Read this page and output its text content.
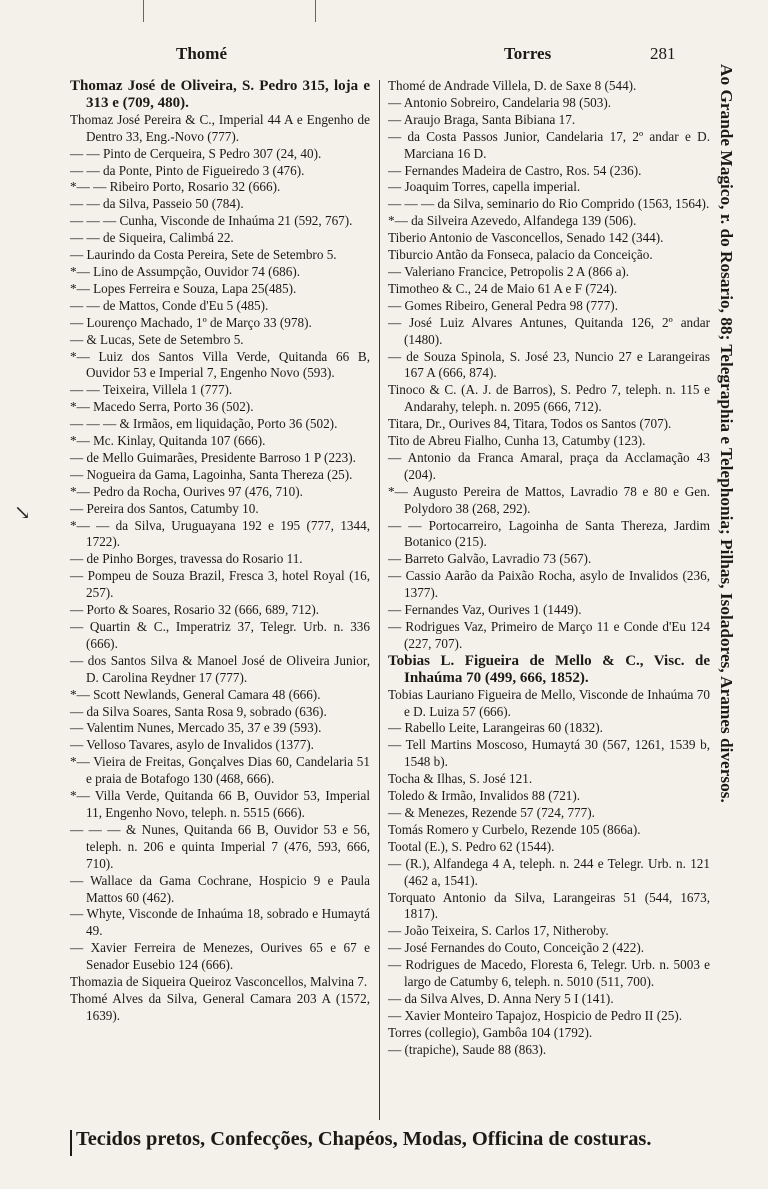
Thomé	Torres	281

Thomaz José de Oliveira, S. Pedro 315, loja e 313 e (709, 480).

Thomaz José Pereira & C., Imperial 44 A e Engenho de Dentro 33, Eng.-Novo (777).

— — Pinto de Cerqueira, S Pedro 307 (24, 40).

— — da Ponte, Pinto de Figueiredo 3 (476).

*— — Ribeiro Porto, Rosario 32 (666).

— — da Silva, Passeio 50 (784).

— — — Cunha, Visconde de Inhaúma 21 (592, 767).

— — de Siqueira, Calimbá 22.

— Laurindo da Costa Pereira, Sete de Setembro 5.

*— Lino de Assumpção, Ouvidor 74 (686).

*— Lopes Ferreira e Souza, Lapa 25(485).

— — de Mattos, Conde d'Eu 5 (485).

— Lourenço Machado, 1º de Março 33 (978).

— & Lucas, Sete de Setembro 5.

*— Luiz dos Santos Villa Verde, Quitanda 66 B, Ouvidor 53 e Imperial 7, Engenho Novo (593).

— — Teixeira, Villela 1 (777).

*— Macedo Serra, Porto 36 (502).

— — — & Irmãos, em liquidação, Porto 36 (502).

*— Mc. Kinlay, Quitanda 107 (666).

— de Mello Guimarães, Presidente Barroso 1 P (223).

— Nogueira da Gama, Lagoinha, Santa Thereza (25).

*— Pedro da Rocha, Ourives 97 (476, 710).

— Pereira dos Santos, Catumby 10.

*— — da Silva, Uruguayana 192 e 195 (777, 1344, 1722).

— de Pinho Borges, travessa do Rosario 11.

— Pompeu de Souza Brazil, Fresca 3, hotel Royal (16, 257).

— Porto & Soares, Rosario 32 (666, 689, 712).

— Quartin & C., Imperatriz 37, Telegr. Urb. n. 336 (666).

— dos Santos Silva & Manoel José de Oliveira Junior, D. Carolina Reydner 17 (777).

*— Scott Newlands, General Camara 48 (666).

— da Silva Soares, Santa Rosa 9, sobrado (636).

— Valentim Nunes, Mercado 35, 37 e 39 (593).

— Velloso Tavares, asylo de Invalidos (1377).

*— Vieira de Freitas, Gonçalves Dias 60, Candelaria 51 e praia de Botafogo 130 (468, 666).

*— Villa Verde, Quitanda 66 B, Ouvidor 53, Imperial 11, Engenho Novo, teleph. n. 5515 (666).

— — — & Nunes, Quitanda 66 B, Ouvidor 53 e 56, teleph. n. 206 e quinta Imperial 7 (476, 593, 666, 710).

— Wallace da Gama Cochrane, Hospicio 9 e Paula Mattos 60 (462).

— Whyte, Visconde de Inhaúma 18, sobrado e Humaytá 49.

— Xavier Ferreira de Menezes, Ourives 65 e 67 e Senador Eusebio 124 (666).

Thomazia de Siqueira Queiroz Vasconcellos, Malvina 7.

Thomé Alves da Silva, General Camara 203 A (1572, 1639).

Thomé de Andrade Villela, D. de Saxe 8 (544).

— Antonio Sobreiro, Candelaria 98 (503).

— Araujo Braga, Santa Bibiana 17.

— da Costa Passos Junior, Candelaria 17, 2º andar e D. Marciana 16 D.

— Fernandes Madeira de Castro, Ros. 54 (236).

— Joaquim Torres, capella imperial.

— — — da Silva, seminario do Rio Comprido (1563, 1564).

*— da Silveira Azevedo, Alfandega 139 (506).

Tiberio Antonio de Vasconcellos, Senado 142 (344).

Tiburcio Antão da Fonseca, palacio da Conceição.

— Valeriano Francice, Petropolis 2 A (866 a).

Timotheo & C., 24 de Maio 61 A e F (724).

— Gomes Ribeiro, General Pedra 98 (777).

— José Luiz Alvares Antunes, Quitanda 126, 2º andar (1480).

— de Souza Spinola, S. José 23, Nuncio 27 e Larangeiras 167 A (666, 874).

Tinoco & C. (A. J. de Barros), S. Pedro 7, teleph. n. 115 e Andarahy, teleph. n. 2095 (666, 712).

Titara, Dr., Ourives 84, Titara, Todos os Santos (707).

Tito de Abreu Fialho, Cunha 13, Catumby (123).

— Antonio da Franca Amaral, praça da Acclamação 43 (204).

*— Augusto Pereira de Mattos, Lavradio 78 e 80 e Gen. Polydoro 38 (268, 292).

— — Portocarreiro, Lagoinha de Santa Thereza, Jardim Botanico (215).

— Barreto Galvão, Lavradio 73 (567).

— Cassio Aarão da Paixão Rocha, asylo de Invalidos (236, 1377).

— Fernandes Vaz, Ourives 1 (1449).

— Rodrigues Vaz, Primeiro de Março 11 e Conde d'Eu 124 (227, 707).

Tobias L. Figueira de Mello & C., Visc. de Inhaúma 70 (499, 666, 1852).

Tobias Lauriano Figueira de Mello, Visconde de Inhaúma 70 e D. Luiza 57 (666).

— Rabello Leite, Larangeiras 60 (1832).

— Tell Martins Moscoso, Humaytá 30 (567, 1261, 1539 b, 1548 b).

Tocha & Ilhas, S. José 121.

Toledo & Irmão, Invalidos 88 (721).

— & Menezes, Rezende 57 (724, 777).

Tomás Romero y Curbelo, Rezende 105 (866a).

Tootal (E.), S. Pedro 62 (1544).

— (R.), Alfandega 4 A, teleph. n. 244 e Telegr. Urb. n. 121 (462 a, 1541).

Torquato Antonio da Silva, Larangeiras 51 (544, 1673, 1817).

— João Teixeira, S. Carlos 17, Nitheroby.

— José Fernandes do Couto, Conceição 2 (422).

— Rodrigues de Macedo, Floresta 6, Telegr. Urb. n. 5003 e largo de Catumby 6, teleph. n. 5010 (511, 700).

— da Silva Alves, D. Anna Nery 5 I (141).

— Xavier Monteiro Tapajoz, Hospicio de Pedro II (25).

Torres (collegio), Gambôa 104 (1792).

— (trapiche), Saude 88 (863).

Ao Grande Magico, r. do Rosario, 88; Telegraphia e Telephonia; Pilhas, Isoladores, Arames diversos.
Tecidos pretos, Confecções, Chapéos, Modas, Officina de costuras.
↘
